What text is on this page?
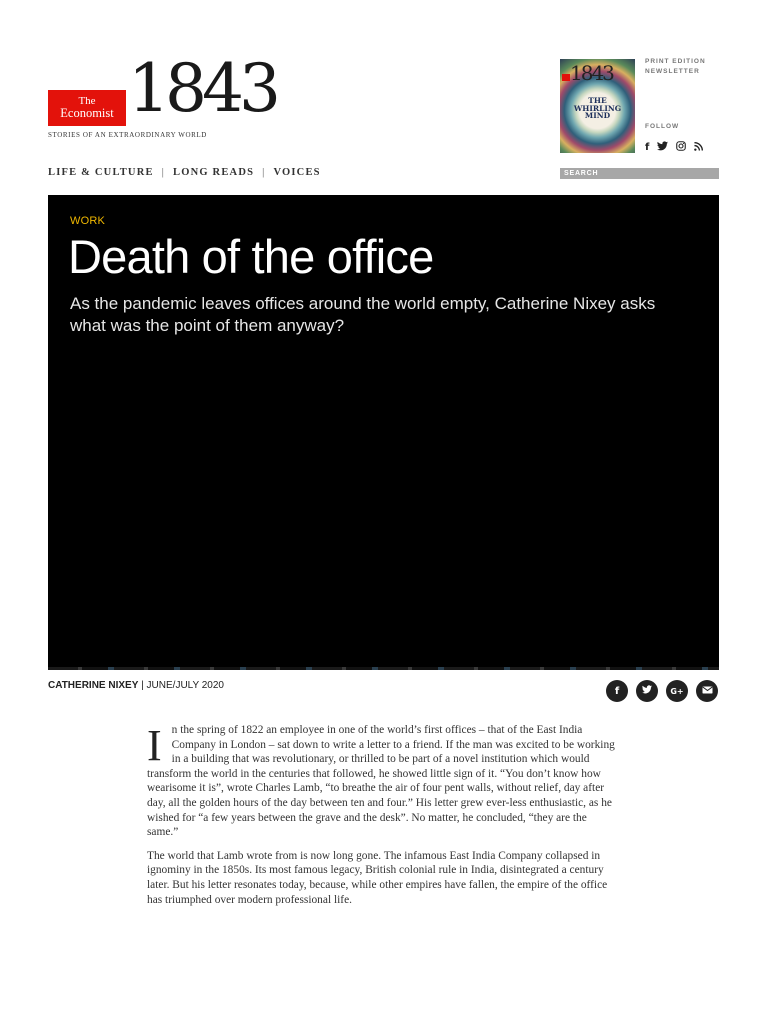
The
Economist 1843
STORIES OF AN EXTRAORDINARY WORLD
LIFE & CULTURE | LONG READS | VOICES
1843
THE WHIRLING MIND
PRINT EDITION
NEWSLETTER
FOLLOW
f
SEARCH
WORK
Death of the office

As the pandemic leaves offices around the world empty, Catherine Nixey asks what was the point of them anyway?

CATHERINE NIXEY | JUNE/JULY 2020	f	G+

In the spring of 1822 an employee in one of the world’s first offices – that of the East India Company in London – sat down to write a letter to a friend. If the man was excited to be working in a building that was revolutionary, or thrilled to be part of a novel institution which would transform the world in the centuries that followed, he showed little sign of it. “You don’t know how wearisome it is”, wrote Charles Lamb, “to breathe the air of four pent walls, without relief, day after day, all the golden hours of the day between ten and four.” His letter grew ever-less enthusiastic, as he wished for “a few years between the grave and the desk”. No matter, he concluded, “they are the same.”

The world that Lamb wrote from is now long gone. The infamous East India Company collapsed in ignominy in the 1850s. Its most famous legacy, British colonial rule in India, disintegrated a century later. But his letter resonates today, because, while other empires have fallen, the empire of the office has triumphed over modern professional life.
